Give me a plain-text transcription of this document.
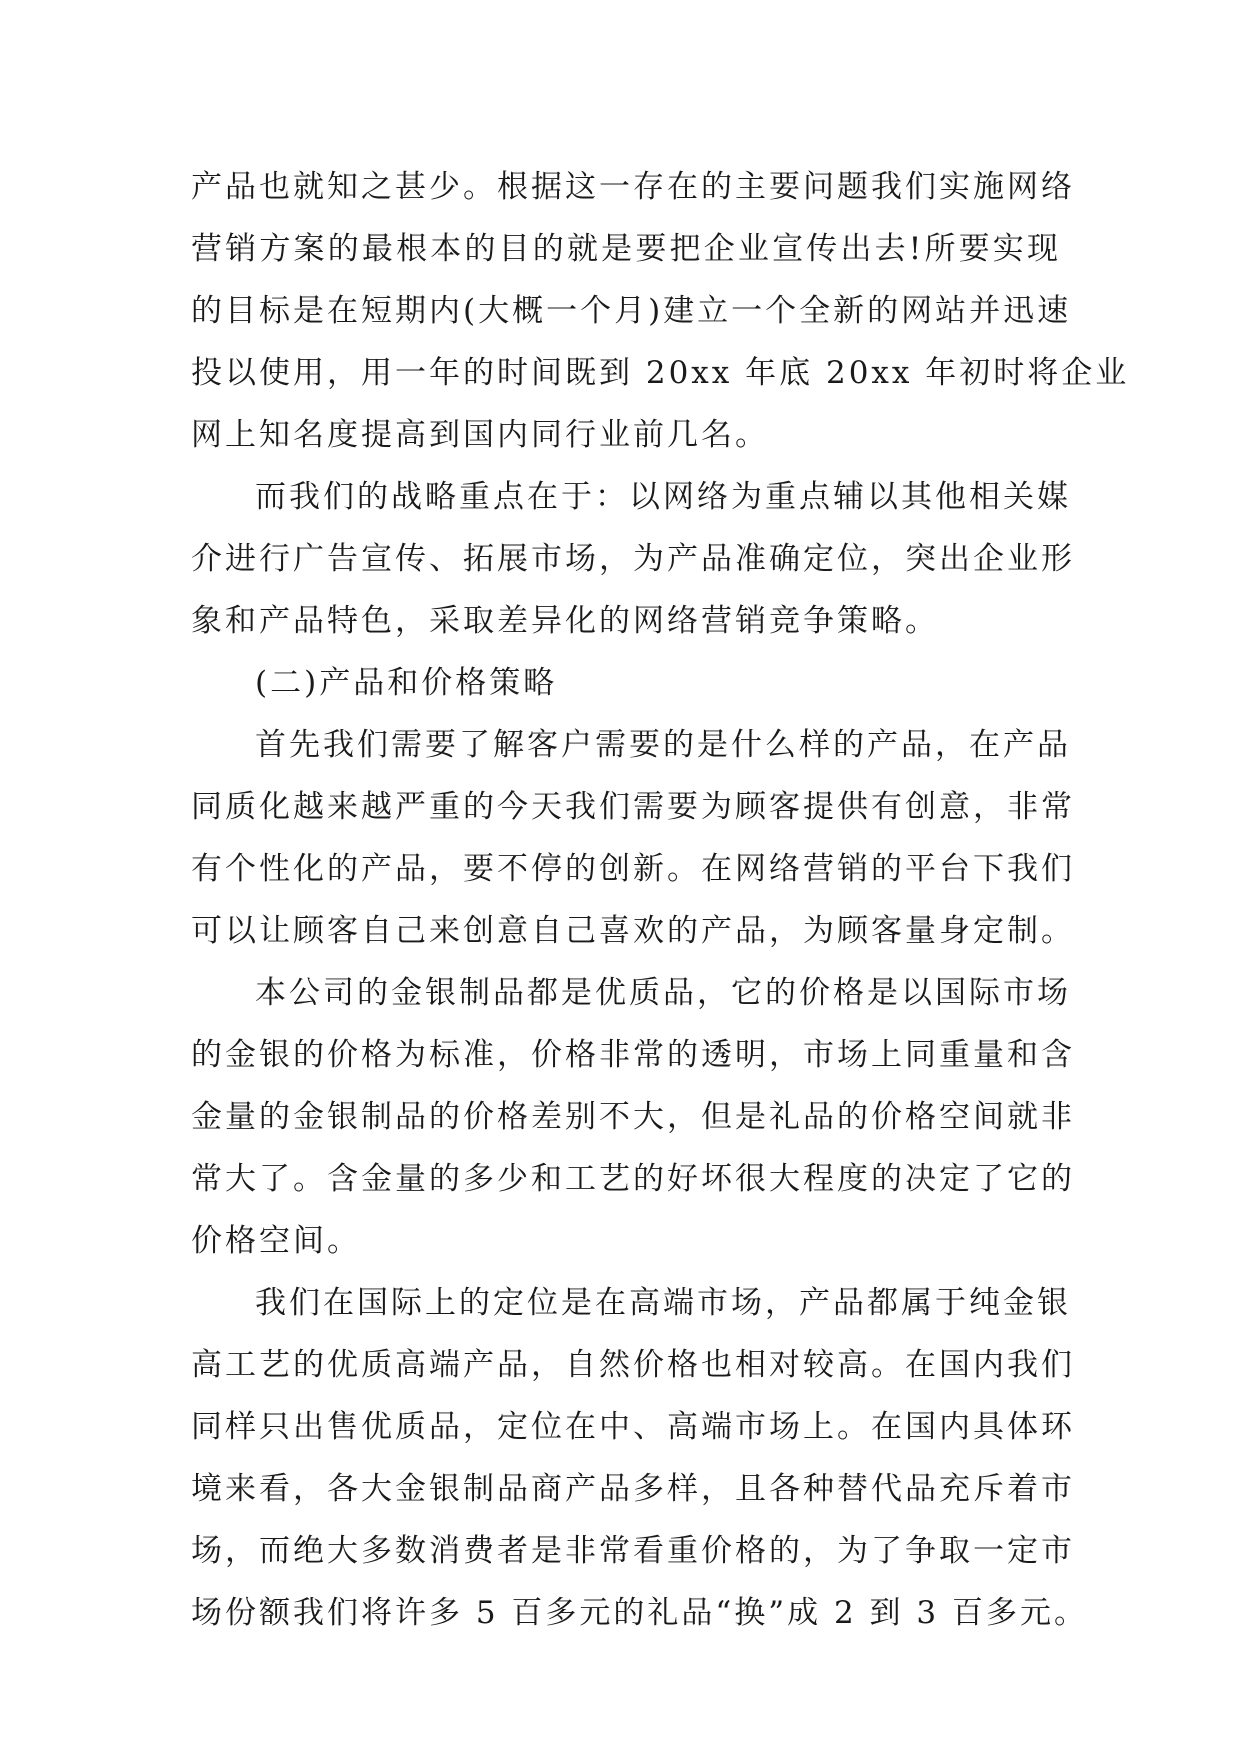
产品也就知之甚少。根据这一存在的主要问题我们实施网络
营销方案的最根本的目的就是要把企业宣传出去!所要实现
的目标是在短期内(大概一个月)建立一个全新的网站并迅速
投以使用，用一年的时间既到 20xx 年底 20xx 年初时将企业
网上知名度提高到国内同行业前几名。
而我们的战略重点在于：以网络为重点辅以其他相关媒
介进行广告宣传、拓展市场，为产品准确定位，突出企业形
象和产品特色，采取差异化的网络营销竞争策略。
(二)产品和价格策略
首先我们需要了解客户需要的是什么样的产品，在产品
同质化越来越严重的今天我们需要为顾客提供有创意，非常
有个性化的产品，要不停的创新。在网络营销的平台下我们
可以让顾客自己来创意自己喜欢的产品，为顾客量身定制。
本公司的金银制品都是优质品，它的价格是以国际市场
的金银的价格为标准，价格非常的透明，市场上同重量和含
金量的金银制品的价格差别不大，但是礼品的价格空间就非
常大了。含金量的多少和工艺的好坏很大程度的决定了它的
价格空间。
我们在国际上的定位是在高端市场，产品都属于纯金银
高工艺的优质高端产品，自然价格也相对较高。在国内我们
同样只出售优质品，定位在中、高端市场上。在国内具体环
境来看，各大金银制品商产品多样，且各种替代品充斥着市
场，而绝大多数消费者是非常看重价格的，为了争取一定市
场份额我们将许多 5 百多元的礼品“换”成 2 到 3 百多元。
